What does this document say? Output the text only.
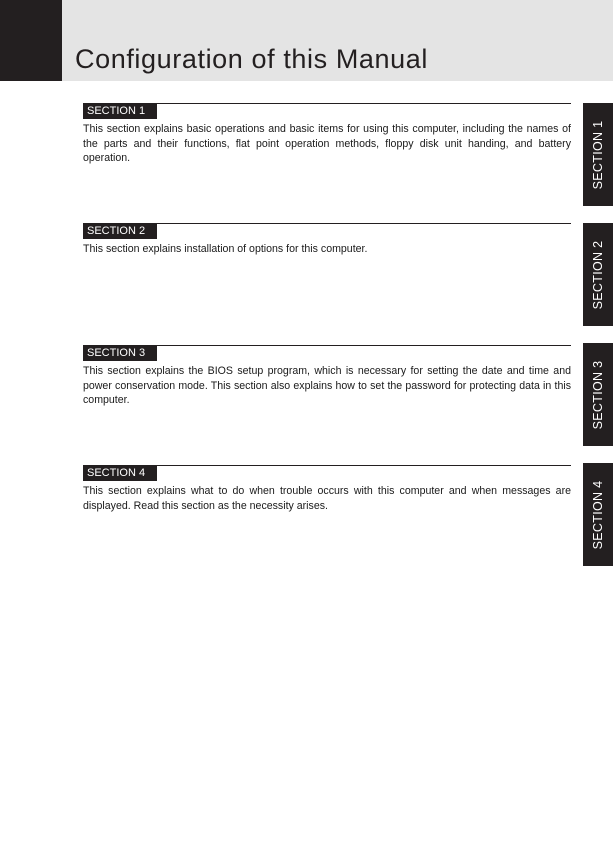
Configuration of this Manual
SECTION 1

This section explains basic operations and basic items for using this computer, including the names of the parts and their functions, flat point operation methods, floppy disk unit handing, and battery operation.

SECTION 2

This section explains installation of options for this computer.

SECTION 3

This section explains the BIOS setup program, which is necessary for setting the date and time and power conservation mode. This section also explains how to set the password for protecting data in this computer.

SECTION 4

This section explains what to do when trouble occurs with this computer and when messages are displayed. Read this section as the necessity arises.

SECTION 1
SECTION 2
SECTION 3
SECTION 4
